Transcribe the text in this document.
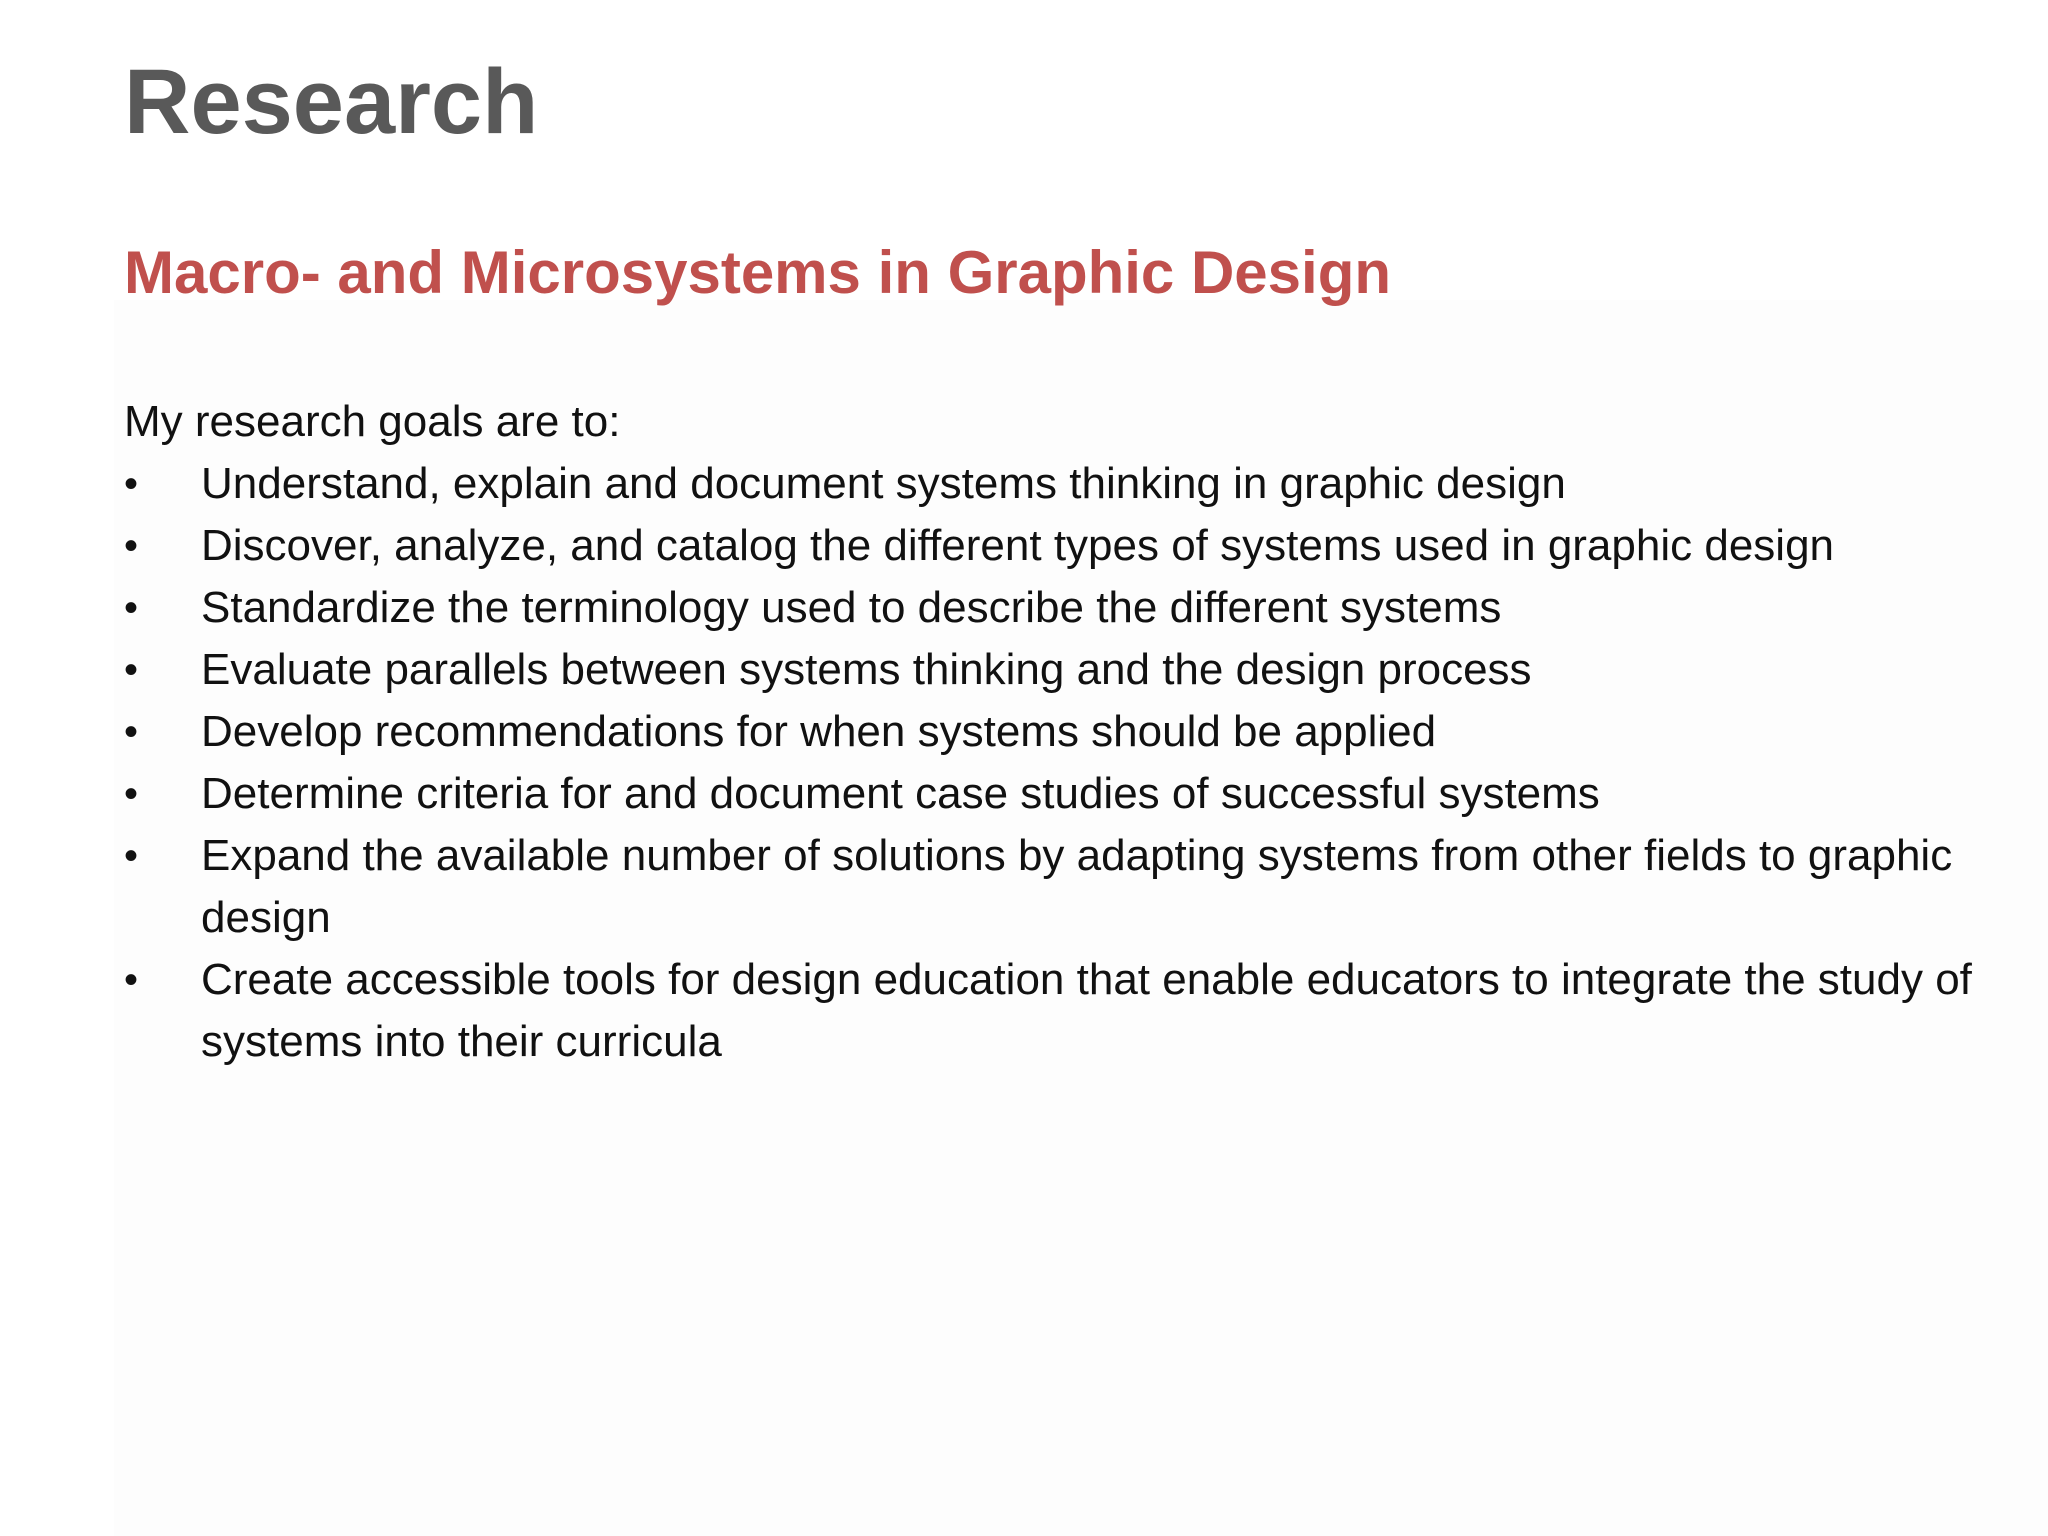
Research
Macro- and Microsystems in Graphic Design

My research goals are to:

•	Understand, explain and document systems thinking in graphic design
•	Discover, analyze, and catalog the different types of systems used in graphic design
•	Standardize the terminology used to describe the different systems
•	Evaluate parallels between systems thinking and the design process
•	Develop recommendations for when systems should be applied
•	Determine criteria for and document case studies of successful systems
•	Expand the available number of solutions by adapting systems from other fields to graphic design
•	Create accessible tools for design education that enable educators to integrate the study of systems into their curricula
